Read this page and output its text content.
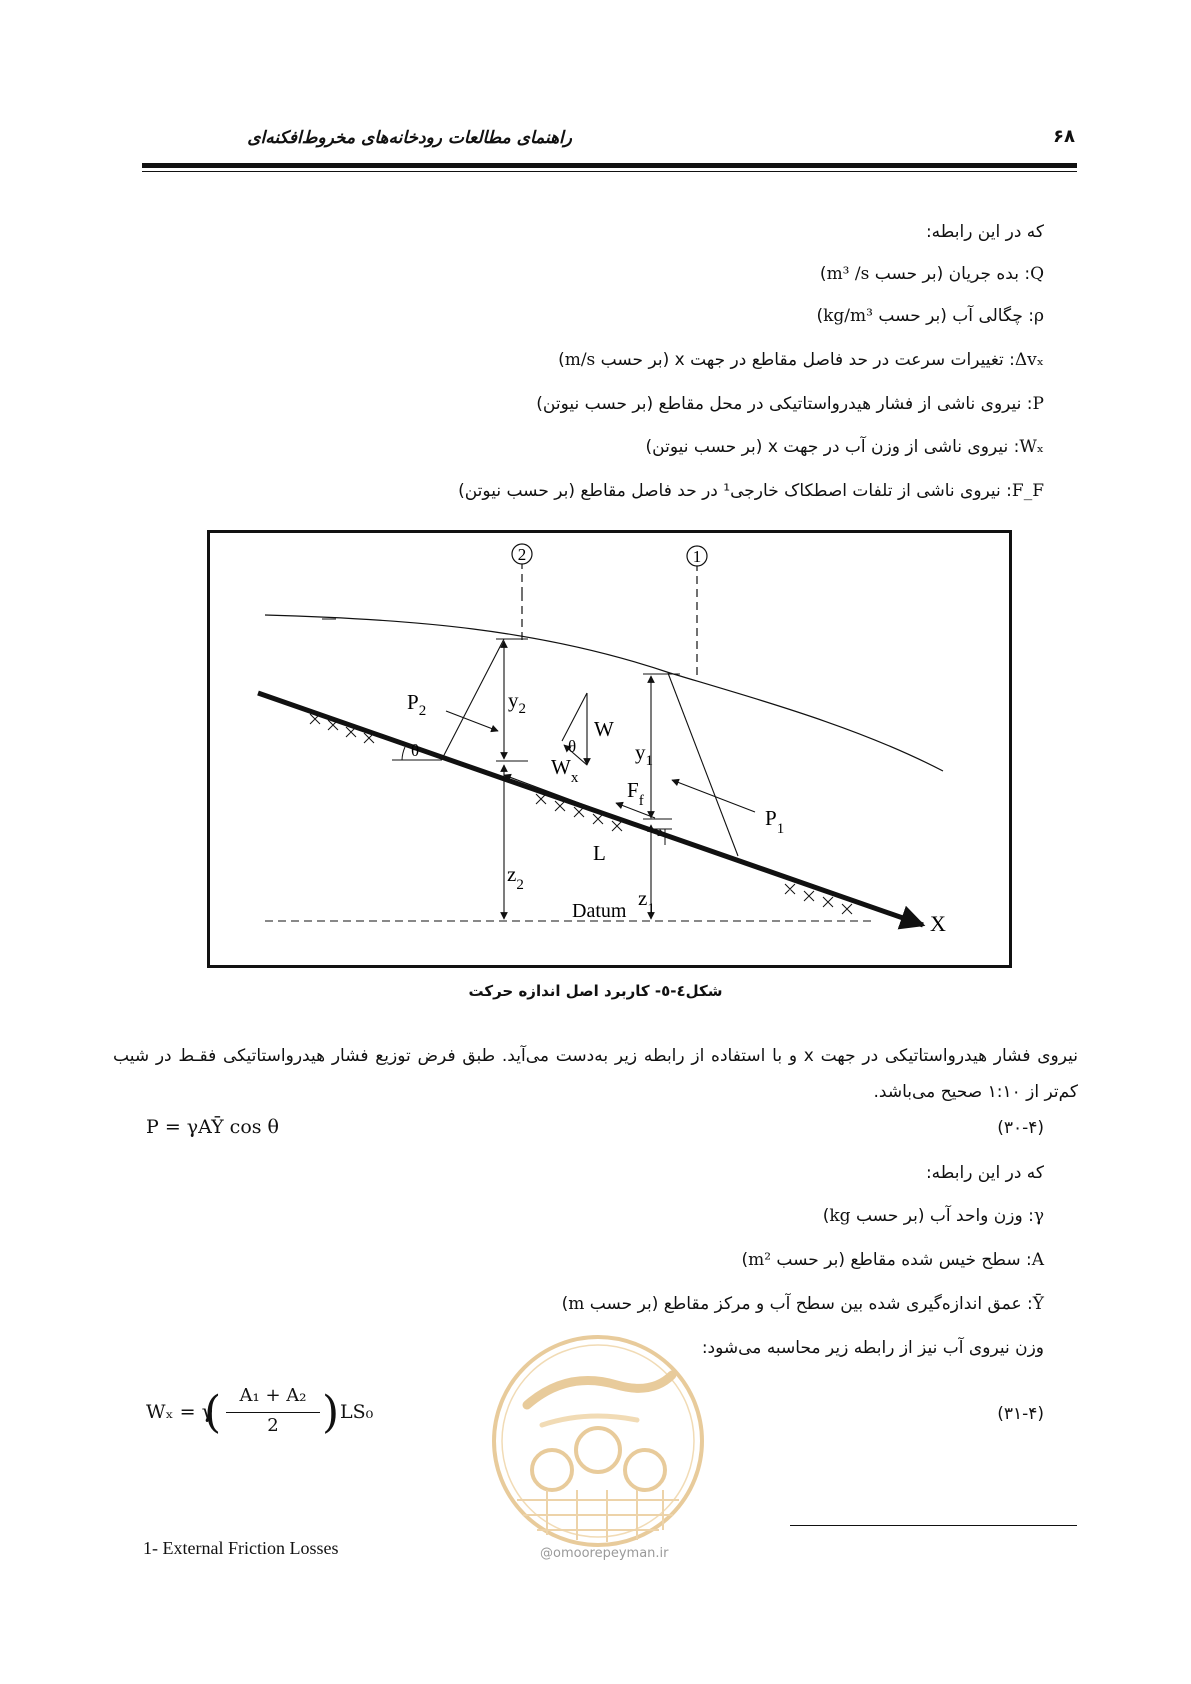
راهنمای مطالعات رودخانه‌های مخروط‌افکنه‌ای	۶۸
که در این رابطه:
Q: بده جریان (بر حسب m³ /s)
ρ: چگالی آب (بر حسب kg/m³)
Δvₓ: تغییرات سرعت در حد فاصل مقاطع در جهت x (بر حسب m/s)
P: نیروی ناشی از فشار هیدرواستاتیکی در محل مقاطع (بر حسب نیوتن)
Wₓ: نیروی ناشی از وزن آب در جهت x (بر حسب نیوتن)
F_F: نیروی ناشی از تلفات اصطکاک خارجی¹ در حد فاصل مقاطع (بر حسب نیوتن)
2	1
$P_2$	$y_2$
θ
W
$W_x$
$y_1$
$F_f$
$P_1$
θ
L
$z_2$
$z_1$
Datum	X
شکل٤-٥- کاربرد اصل اندازه حرکت
نیروی فشار هیدرواستاتیکی در جهت x و با استفاده از رابطه زیر به‌دست می‌آید. طبق فرض توزیع فشار هیدرواستاتیکی فقـط در شیب کم‌تر از ۱:۱۰ صحیح می‌باشد.
P = γAȲ cos θ	(۳۰-۴)
که در این رابطه:
γ: وزن واحد آب (بر حسب kg)
A: سطح خیس شده مقاطع (بر حسب m²)
Ȳ: عمق اندازه‌گیری شده بین سطح آب و مرکز مقاطع (بر حسب m)
وزن نیروی آب نیز از رابطه زیر محاسبه می‌شود:
Wₓ = γ
(	A₁ + A₂
2 ) LS₀	(۳۱-۴)
@omoorepeyman.ir
1- External Friction Losses
